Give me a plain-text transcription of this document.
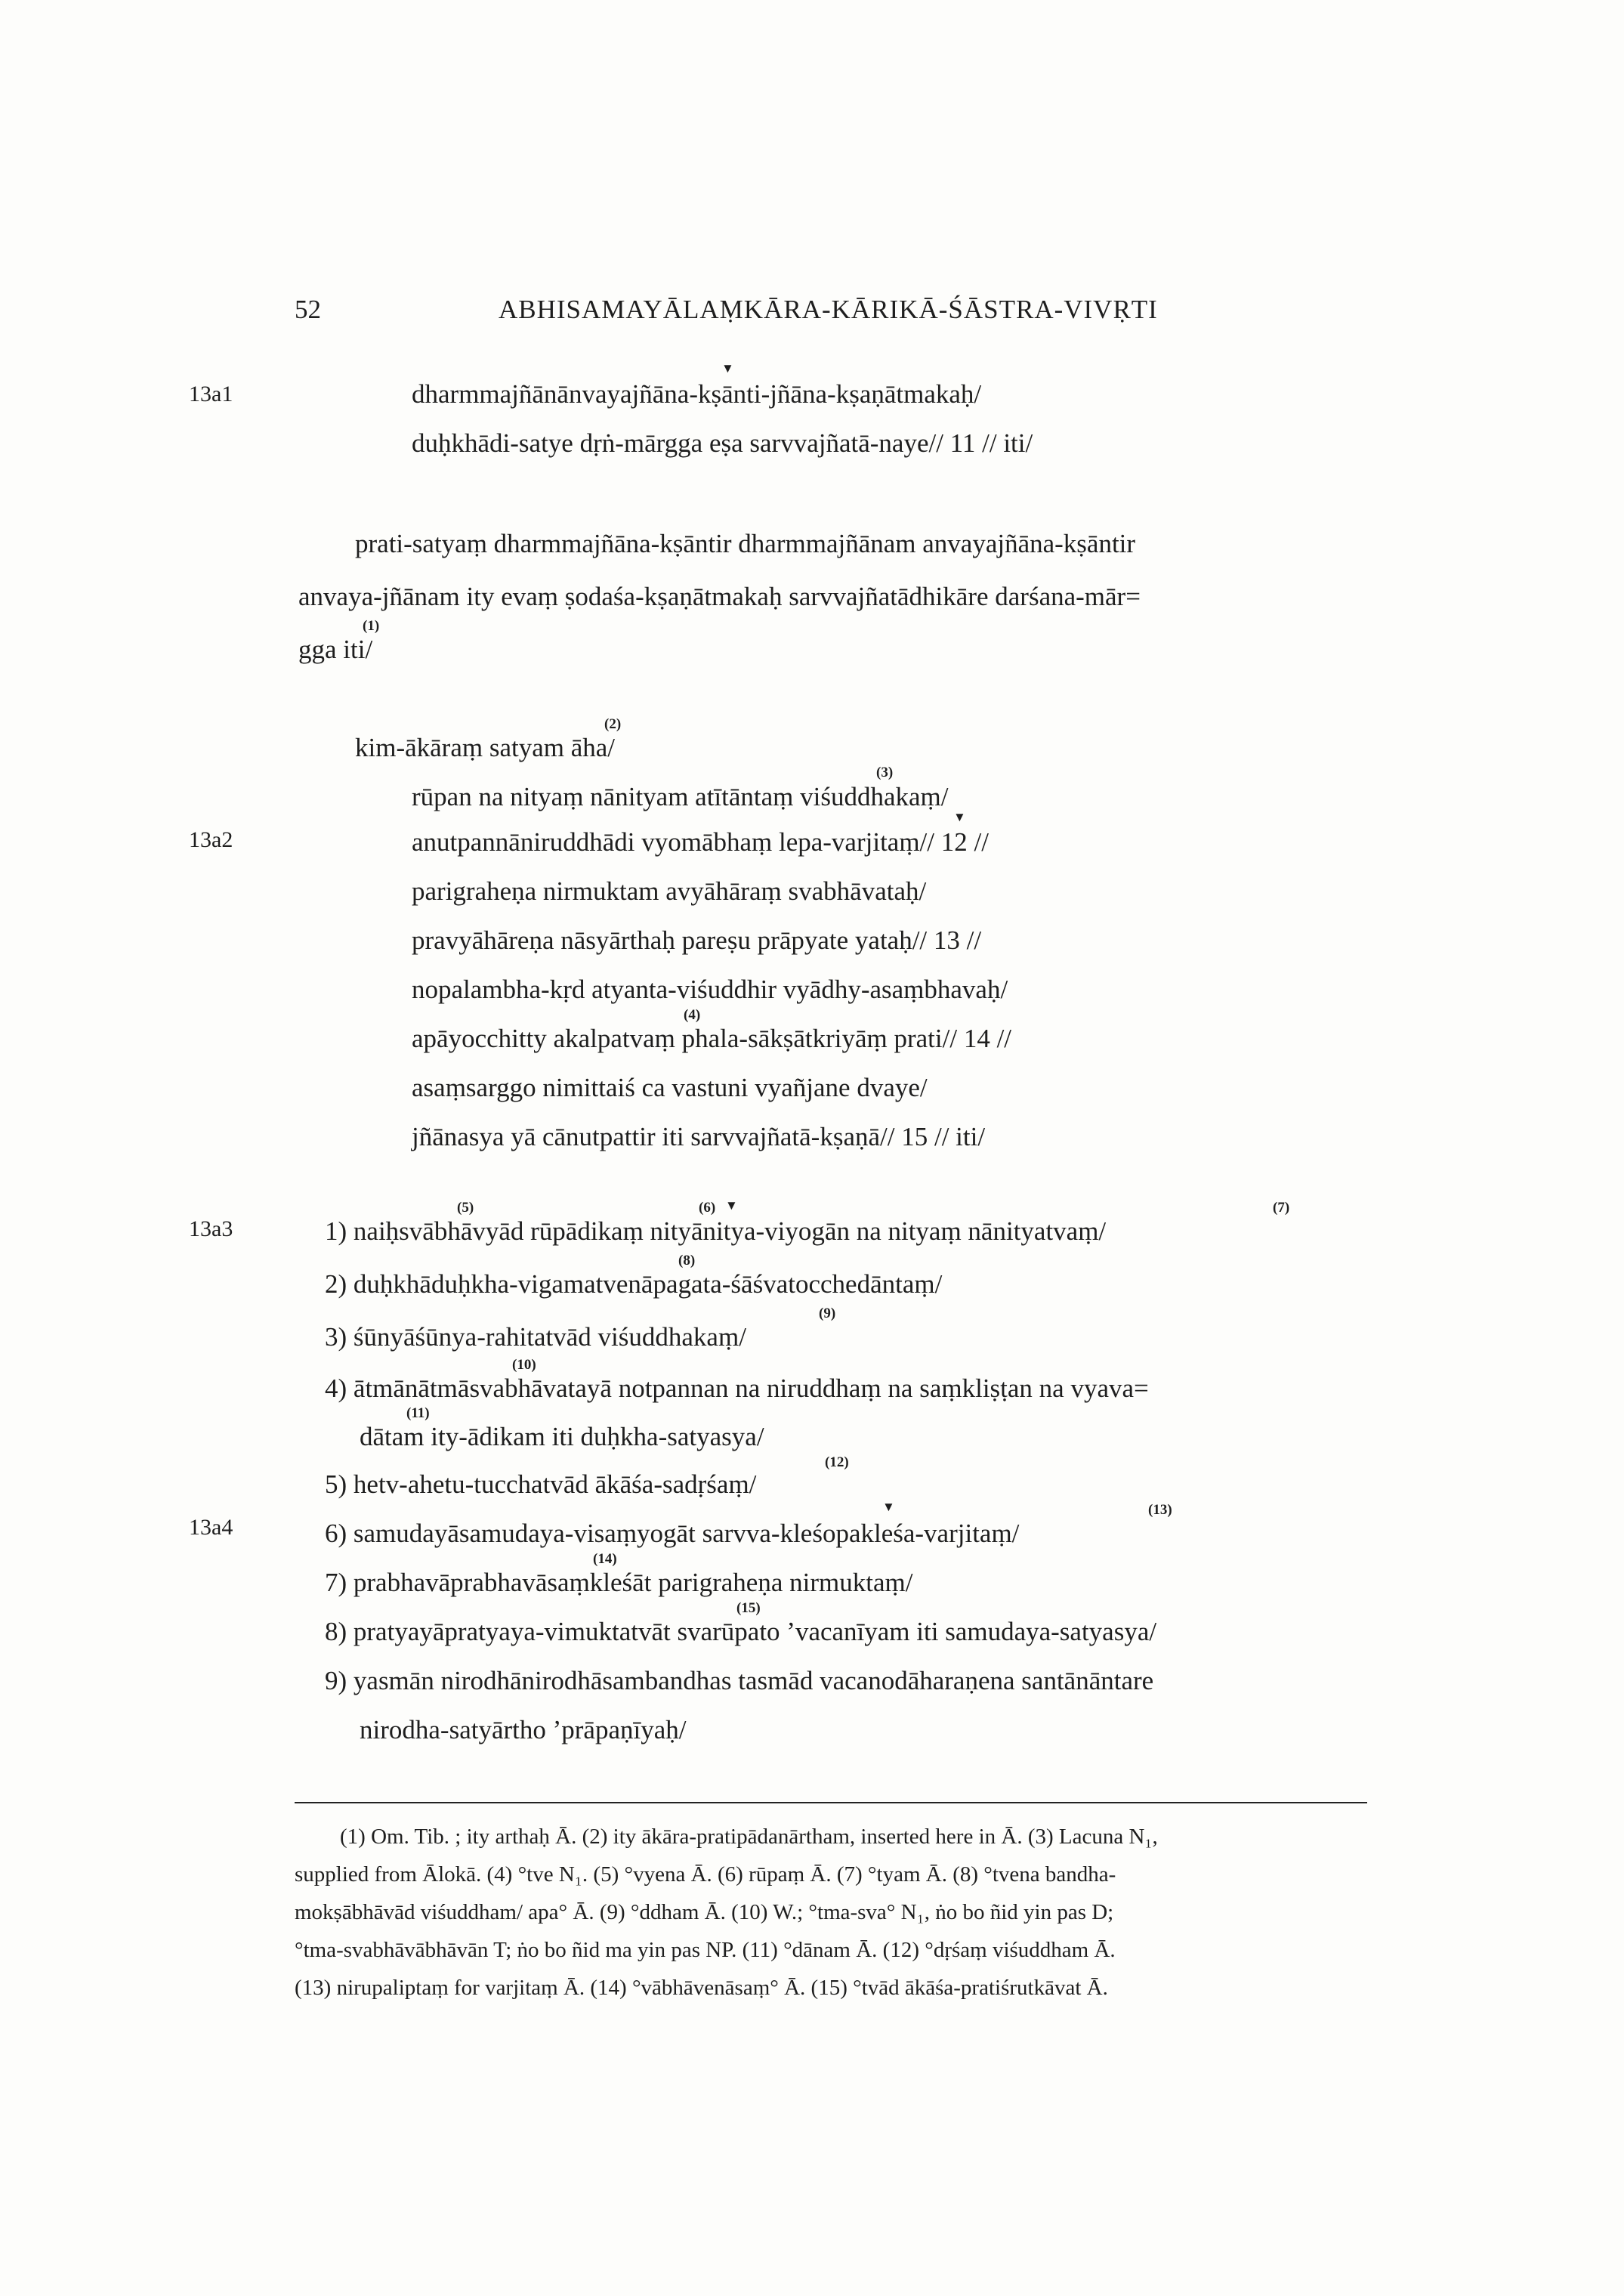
52	ABHISAMAYĀLAṂKĀRA-KĀRIKĀ-ŚĀSTRA-VIVṚTI
13a1
13a2
13a3
13a4
▼
dharmmajñānānvayajñāna-kṣānti-jñāna-kṣaṇātmakaḥ/
duḥkhādi-satye dṛṅ-mārgga eṣa sarvvajñatā-naye// 11 // iti/
prati-satyaṃ dharmmajñāna-kṣāntir dharmmajñānam anvayajñāna-kṣāntir
anvaya-jñānam ity evaṃ ṣodaśa-kṣaṇātmakaḥ sarvvajñatādhikāre darśana-mār=
(1)
gga iti/
(2)
kim-ākāraṃ satyam āha/
(3)
rūpan na nityaṃ nānityam atītāntaṃ viśuddhakaṃ/
▼
anutpannāniruddhādi vyomābhaṃ lepa-varjitaṃ// 12 //
parigraheṇa nirmuktam avyāhāraṃ svabhāvataḥ/
pravyāhāreṇa nāsyārthaḥ pareṣu prāpyate yataḥ// 13 //
nopalambha-kṛd atyanta-viśuddhir vyādhy-asaṃbhavaḥ/
(4)
apāyocchitty akalpatvaṃ phala-sākṣātkriyāṃ prati// 14 //
asaṃsarggo nimittaiś ca vastuni vyañjane dvaye/
jñānasya yā cānutpattir iti sarvvajñatā-kṣaṇā// 15 // iti/
(5)	(6) ▼	(7)
1) naiḥsvābhāvyād rūpādikaṃ nityānitya-viyogān na nityaṃ nānityatvaṃ/
(8)
2) duḥkhāduḥkha-vigamatvenāpagata-śāśvatocchedāntaṃ/
(9)
3) śūnyāśūnya-rahitatvād viśuddhakaṃ/
(10)
4) ātmānātmāsvabhāvatayā notpannan na niruddhaṃ na saṃkliṣṭan na vyava=
(11)
dātam ity-ādikam iti duḥkha-satyasya/
(12)
5) hetv-ahetu-tucchatvād ākāśa-sadṛśaṃ/
▼	(13)
6) samudayāsamudaya-visaṃyogāt sarvva-kleśopakleśa-varjitaṃ/
(14)
7) prabhavāprabhavāsaṃkleśāt parigraheṇa nirmuktaṃ/
(15)
8) pratyayāpratyaya-vimuktatvāt svarūpato ’vacanīyam iti samudaya-satyasya/
9) yasmān nirodhānirodhāsambandhas tasmād vacanodāharaṇena santānāntare
nirodha-satyārtho ’prāpaṇīyaḥ/
(1) Om. Tib. ; ity arthaḥ Ā. (2) ity ākāra-pratipādanārtham, inserted here in Ā. (3) Lacuna N₁,
supplied from Ālokā. (4) °tve N₁. (5) °vyena Ā. (6) rūpaṃ Ā. (7) °tyam Ā. (8) °tvena bandha-
mokṣābhāvād viśuddham/ apa° Ā. (9) °ddham Ā. (10) W.; °tma-sva° N₁, ṅo bo ñid yin pas D;
°tma-svabhāvābhāvān T; ṅo bo ñid ma yin pas NP. (11) °dānam Ā. (12) °dṛśaṃ viśuddham Ā.
(13) nirupaliptaṃ for varjitaṃ Ā. (14) °vābhāvenāsaṃ° Ā. (15) °tvād ākāśa-pratiśrutkāvat Ā.
